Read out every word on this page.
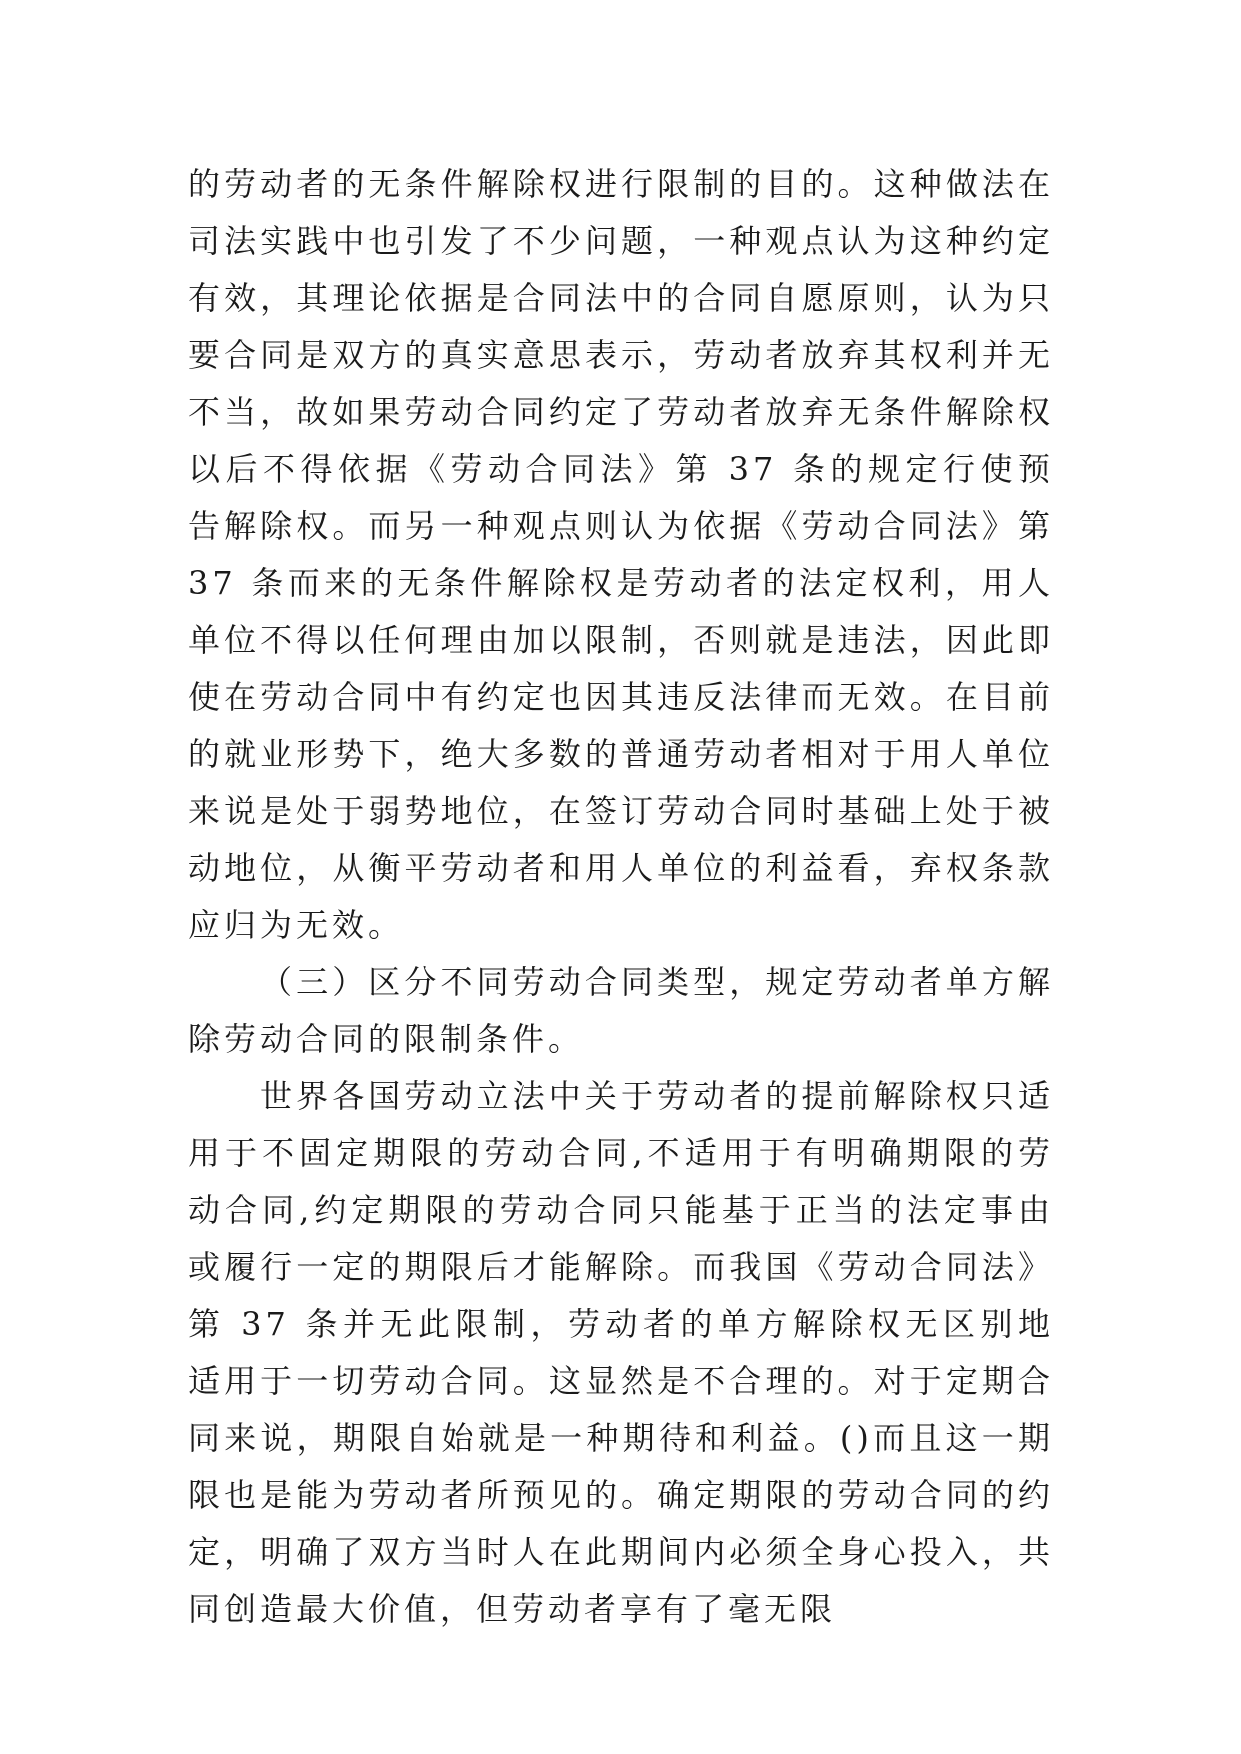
的劳动者的无条件解除权进行限制的目的。这种做法在司法实践中也引发了不少问题，一种观点认为这种约定有效，其理论依据是合同法中的合同自愿原则，认为只要合同是双方的真实意思表示，劳动者放弃其权利并无不当，故如果劳动合同约定了劳动者放弃无条件解除权以后不得依据《劳动合同法》第 37 条的规定行使预告解除权。而另一种观点则认为依据《劳动合同法》第 37 条而来的无条件解除权是劳动者的法定权利，用人单位不得以任何理由加以限制，否则就是违法，因此即使在劳动合同中有约定也因其违反法律而无效。在目前的就业形势下，绝大多数的普通劳动者相对于用人单位来说是处于弱势地位，在签订劳动合同时基础上处于被动地位，从衡平劳动者和用人单位的利益看，弃权条款应归为无效。

（三）区分不同劳动合同类型，规定劳动者单方解除劳动合同的限制条件。

世界各国劳动立法中关于劳动者的提前解除权只适用于不固定期限的劳动合同,不适用于有明确期限的劳动合同,约定期限的劳动合同只能基于正当的法定事由或履行一定的期限后才能解除。而我国《劳动合同法》第 37 条并无此限制，劳动者的单方解除权无区别地适用于一切劳动合同。这显然是不合理的。对于定期合同来说，期限自始就是一种期待和利益。()而且这一期限也是能为劳动者所预见的。确定期限的劳动合同的约定，明确了双方当时人在此期间内必须全身心投入，共同创造最大价值，但劳动者享有了毫无限
